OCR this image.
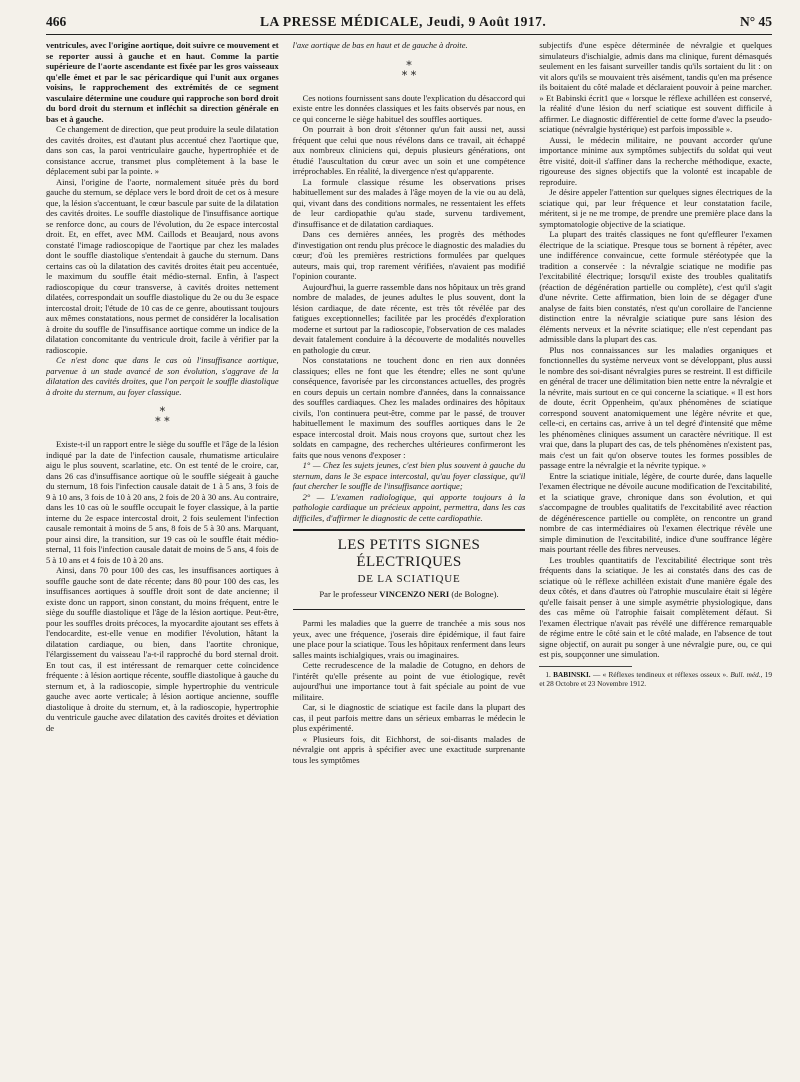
466	LA PRESSE MÉDICALE, Jeudi, 9 Août 1917.	N° 45

ventricules, avec l'origine aortique, doit suivre ce mouvement et se reporter aussi à gauche et en haut. Comme la partie supérieure de l'aorte ascendante est fixée par les gros vaisseaux qu'elle émet et par le sac péricardique qui l'unit aux organes voisins, le rapprochement des extrémités de ce segment vasculaire détermine une coudure qui rapproche son bord droit du bord droit du sternum et infléchit sa direction générale en bas et à gauche.

Ce changement de direction, que peut produire la seule dilatation des cavités droites, est d'autant plus accentué chez l'aortique que, dans son cas, la paroi ventriculaire gauche, hypertrophiée et de consistance accrue, transmet plus complètement à la base le déplacement subi par la pointe. »

Ainsi, l'origine de l'aorte, normalement située près du bord gauche du sternum, se déplace vers le bord droit de cet os à mesure que, la lésion s'accentuant, le cœur bascule par suite de la dilatation des cavités droites. Le souffle diastolique de l'insuffisance aortique se renforce donc, au cours de l'évolution, du 2e espace intercostal droit. Et, en effet, avec MM. Caillods et Beaujard, nous avons constaté l'image radioscopique de l'aortique par chez les malades dont le souffle diastolique s'entendait à gauche du sternum. Dans certains cas où la dilatation des cavités droites était peu accentuée, le maximum du souffle était médio-sternal. Enfin, à l'aspect radioscopique du cœur transverse, à cavités droites nettement dilatées, correspondait un souffle diastolique du 2e ou du 3e espace intercostal droit; l'étude de 10 cas de ce genre, aboutissant toujours aux mêmes constatations, nous permet de considérer la localisation à droite du souffle de l'insuffisance aortique comme un indice de la dilatation concomitante du ventricule droit, facile à vérifier par la radioscopie.

Ce n'est donc que dans le cas où l'insuffisance aortique, parvenue à un stade avancé de son évolution, s'aggrave de la dilatation des cavités droites, que l'on perçoit le souffle diastolique à droite du sternum, au foyer classique.

*
* *

Existe-t-il un rapport entre le siège du souffle et l'âge de la lésion indiqué par la date de l'infection causale, rhumatisme articulaire aigu le plus souvent, scarlatine, etc. On est tenté de le croire, car, dans 26 cas d'insuffisance aortique où le souffle siégeait à gauche du sternum, 18 fois l'infection causale datait de 1 à 5 ans, 3 fois de 9 à 10 ans, 3 fois de 10 à 20 ans, 2 fois de 20 à 30 ans. Au contraire, dans les 10 cas où le souffle occupait le foyer classique, à la partie interne du 2e espace intercostal droit, 2 fois seulement l'infection causale remontait à moins de 5 ans, 8 fois de 5 à 30 ans. Marquant, pour ainsi dire, la transition, sur 19 cas où le souffle était médio-sternal, 11 fois l'infection causale datait de moins de 5 ans, 4 fois de 5 à 10 ans et 4 fois de 10 à 20 ans.

Ainsi, dans 70 pour 100 des cas, les insuffisances aortiques à souffle gauche sont de date récente; dans 80 pour 100 des cas, les insuffisances aortiques à souffle droit sont de date ancienne; il existe donc un rapport, sinon constant, du moins fréquent, entre le siège du souffle diastolique et l'âge de la lésion aortique. Peut-être, pour les souffles droits précoces, la myocardite ajoutant ses effets à l'endocardite, est-elle venue en modifier l'évolution, hâtant la dilatation cardiaque, ou bien, dans l'aortite chronique, l'élargissement du vaisseau l'a-t-il rapproché du bord sternal droit. En tout cas, il est intéressant de remarquer cette coïncidence fréquente : à lésion aortique récente, souffle diastolique à gauche du sternum et, à la radioscopie, simple hypertrophie du ventricule gauche avec aorte verticale; à lésion aortique ancienne, souffle diastolique à droite du sternum, et, à la radioscopie, hypertrophie du ventricule gauche avec dilatation des cavités droites et déviation de

l'axe aortique de bas en haut et de gauche à droite.

*
* *

Ces notions fournissent sans doute l'explication du désaccord qui existe entre les données classiques et les faits observés par nous, en ce qui concerne le siège habituel des souffles aortiques.

On pourrait à bon droit s'étonner qu'un fait aussi net, aussi fréquent que celui que nous révélons dans ce travail, ait échappé aux nombreux cliniciens qui, depuis plusieurs générations, ont étudié l'auscultation du cœur avec un soin et une compétence irréprochables. En réalité, la divergence n'est qu'apparente.

La formule classique résume les observations prises habituellement sur des malades à l'âge moyen de la vie ou au delà, qui, vivant dans des conditions normales, ne ressentaient les effets de leur cardiopathie qu'au stade, survenu tardivement, d'insuffisance et de dilatation cardiaques.

Dans ces dernières années, les progrès des méthodes d'investigation ont rendu plus précoce le diagnostic des maladies du cœur; d'où les premières restrictions formulées par quelques auteurs, mais qui, trop rarement vérifiées, n'avaient pas modifié l'opinion courante.

Aujourd'hui, la guerre rassemble dans nos hôpitaux un très grand nombre de malades, de jeunes adultes le plus souvent, dont la lésion cardiaque, de date récente, est très tôt révélée par des fatigues exceptionnelles; facilitée par les procédés d'exploration moderne et surtout par la radioscopie, l'observation de ces malades devait fatalement conduire à la découverte de modalités nouvelles en pathologie du cœur.

Nos constatations ne touchent donc en rien aux données classiques; elles ne font que les étendre; elles ne sont qu'une conséquence, favorisée par les circonstances actuelles, des progrès en cours depuis un certain nombre d'années, dans la connaissance des souffles cardiaques. Chez les malades ordinaires des hôpitaux civils, l'on continuera peut-être, comme par le passé, de trouver habituellement le maximum des souffles aortiques dans le 2e espace intercostal droit. Mais nous croyons que, surtout chez les soldats en campagne, des recherches ultérieures confirmeront les faits que nous venons d'exposer :

1° — Chez les sujets jeunes, c'est bien plus souvent à gauche du sternum, dans le 3e espace intercostal, qu'au foyer classique, qu'il faut chercher le souffle de l'insuffisance aortique;

2° — L'examen radiologique, qui apporte toujours à la pathologie cardiaque un précieux appoint, permettra, dans les cas difficiles, d'affirmer le diagnostic de cette cardiopathie.

LES PETITS SIGNES ÉLECTRIQUES
DE LA SCIATIQUE
Par le professeur VINCENZO NERI (de Bologne).

Parmi les maladies que la guerre de tranchée a mis sous nos yeux, avec une fréquence, j'oserais dire épidémique, il faut faire une place pour la sciatique. Tous les hôpitaux renferment dans leurs salles maints ischialgiques, vrais ou imaginaires.

Cette recrudescence de la maladie de Cotugno, en dehors de l'intérêt qu'elle présente au point de vue étiologique, revêt aujourd'hui une importance tout à fait spéciale au point de vue militaire.

Car, si le diagnostic de sciatique est facile dans la plupart des cas, il peut parfois mettre dans un sérieux embarras le médecin le plus expérimenté.

« Plusieurs fois, dit Eichhorst, de soi-disants malades de névralgie ont appris à spécifier avec une exactitude surprenante tous les symptômes

subjectifs d'une espèce déterminée de névralgie et quelques simulateurs d'ischialgie, admis dans ma clinique, furent démasqués seulement en les faisant surveiller tandis qu'ils sortaient du lit : on vit alors qu'ils se mouvaient très aisément, tandis qu'en ma présence ils boitaient du côté malade et déclaraient pouvoir à peine marcher. » Et Babinski écrit1 que « lorsque le réflexe achilléen est conservé, la réalité d'une lésion du nerf sciatique est souvent difficile à affirmer. Le diagnostic différentiel de cette forme d'avec la pseudo-sciatique (névralgie hystérique) est parfois impossible ».

Aussi, le médecin militaire, ne pouvant accorder qu'une importance minime aux symptômes subjectifs du soldat qui veut être visité, doit-il s'affiner dans la recherche méthodique, exacte, rigoureuse des signes objectifs que la volonté est incapable de reproduire.

Je désire appeler l'attention sur quelques signes électriques de la sciatique qui, par leur fréquence et leur constatation facile, méritent, si je ne me trompe, de prendre une première place dans la symptomatologie objective de la sciatique.

La plupart des traités classiques ne font qu'effleurer l'examen électrique de la sciatique. Presque tous se bornent à répéter, avec une indifférence convaincue, cette formule stéréotypée que la tradition a conservée : la névralgie sciatique ne modifie pas l'excitabilité électrique; lorsqu'il existe des troubles qualitatifs (réaction de dégénération partielle ou complète), c'est qu'il s'agit d'une névrite. Cette affirmation, bien loin de se dégager d'une analyse de faits bien constatés, n'est qu'un corollaire de l'ancienne distinction entre la névralgie sciatique pure sans lésion des éléments nerveux et la névrite sciatique; elle n'est cependant pas admissible dans la plupart des cas.

Plus nos connaissances sur les maladies organiques et fonctionnelles du système nerveux vont se développant, plus aussi le nombre des soi-disant névralgies pures se restreint. Il est difficile en général de tracer une délimitation bien nette entre la névralgie et la névrite, mais surtout en ce qui concerne la sciatique. « Il est hors de doute, écrit Oppenheim, qu'aux phénomènes de sciatique correspond souvent anatomiquement une légère névrite et que, celle-ci, en certains cas, arrive à un tel degré d'intensité que même les phénomènes cliniques assument un caractère névritique. Il est vrai que, dans la plupart des cas, de tels phénomènes n'existent pas, mais c'est un fait qu'on observe toutes les formes possibles de passage entre la névralgie et la névrite typique. »

Entre la sciatique initiale, légère, de courte durée, dans laquelle l'examen électrique ne dévoile aucune modification de l'excitabilité, et la sciatique grave, chronique dans son évolution, et qui s'accompagne de troubles qualitatifs de l'excitabilité avec réaction de dégénérescence partielle ou complète, on rencontre un grand nombre de cas intermédiaires où l'examen électrique révèle une simple diminution de l'excitabilité, indice d'une souffrance légère mais pourtant réelle des fibres nerveuses.

Les troubles quantitatifs de l'excitabilité électrique sont très fréquents dans la sciatique. Je les ai constatés dans des cas de sciatique où le réflexe achilléen existait d'une manière égale des deux côtés, et dans d'autres où l'atrophie musculaire était si légère qu'elle faisait penser à une simple asymétrie physiologique, dans des cas même où l'atrophie faisait complètement défaut. Si l'examen électrique n'avait pas révélé une différence remarquable de régime entre le côté sain et le côté malade, en l'absence de tout signe objectif, on aurait pu songer à une névralgie pure, ou, ce qui est pis, soupçonner une simulation.

1. BABINSKI. — « Réflexes tendineux et réflexes osseux ». Bull. méd., 19 et 28 Octobre et 23 Novembre 1912.
